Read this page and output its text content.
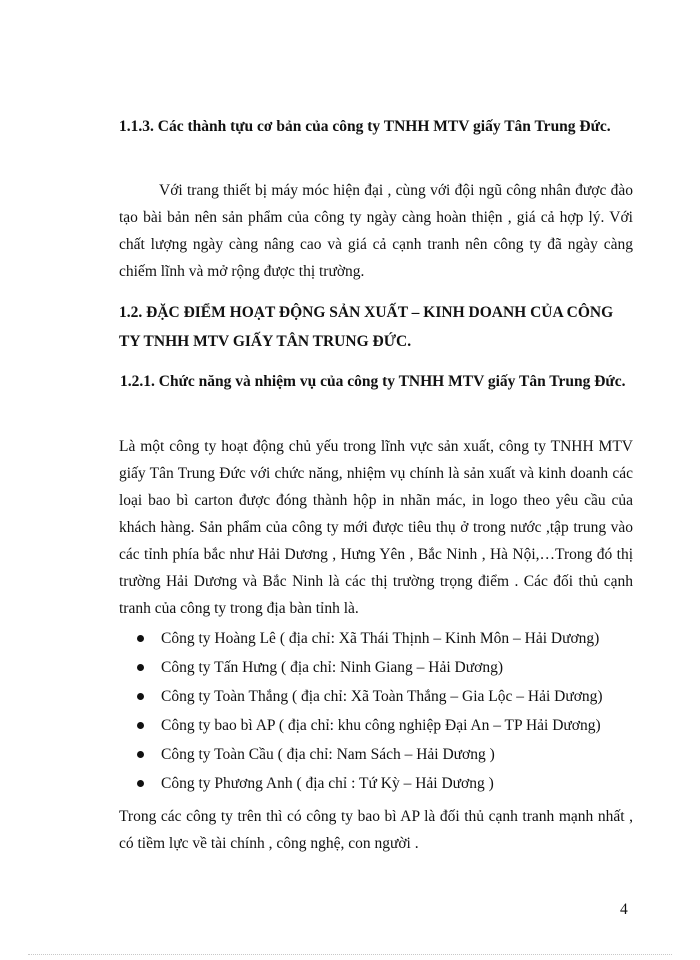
1.1.3. Các thành tựu cơ bản của công ty TNHH MTV giấy Tân Trung Đức.
Với trang thiết bị máy móc hiện đại , cùng với đội ngũ công nhân được đào tạo bài bản nên sản phẩm của công ty ngày càng hoàn thiện , giá cả hợp lý. Với chất lượng ngày càng nâng cao và giá cả cạnh tranh nên công ty đã ngày càng chiếm lĩnh và mở rộng được thị trường.
1.2. ĐẶC ĐIỂM HOẠT ĐỘNG SẢN XUẤT – KINH DOANH CỦA CÔNG TY TNHH MTV GIẤY TÂN TRUNG ĐỨC.
1.2.1. Chức năng và nhiệm vụ của công ty TNHH MTV giấy Tân Trung Đức.
Là một công ty hoạt động chủ yếu trong lĩnh vực sản xuất, công ty TNHH MTV giấy Tân Trung Đức với chức năng, nhiệm vụ chính là sản xuất và kinh doanh các loại bao bì carton được đóng thành hộp in nhãn mác, in logo theo yêu cầu của khách hàng. Sản phẩm của công ty mới được tiêu thụ ở trong nước ,tập trung vào các tỉnh phía bắc như Hải Dương , Hưng Yên , Bắc Ninh , Hà Nội,…Trong đó thị trường Hải Dương và Bắc Ninh là các thị trường trọng điểm . Các đối thủ cạnh tranh của công ty trong địa bàn tỉnh là.
Công ty Hoàng Lê ( địa chỉ: Xã Thái Thịnh – Kinh Môn – Hải Dương)
Công ty Tấn Hưng ( địa chỉ: Ninh Giang – Hải Dương)
Công ty Toàn Thắng ( địa chỉ: Xã Toàn Thắng – Gia Lộc – Hải Dương)
Công ty bao bì AP ( địa chỉ: khu công nghiệp Đại An – TP Hải Dương)
Công ty Toàn Cầu ( địa chỉ: Nam Sách – Hải Dương )
Công ty Phương Anh ( địa chỉ : Tứ Kỳ – Hải Dương )
Trong các công ty trên thì có công ty bao bì AP là đối thủ cạnh tranh mạnh nhất , có tiềm lực về tài chính , công nghệ, con người .
4
